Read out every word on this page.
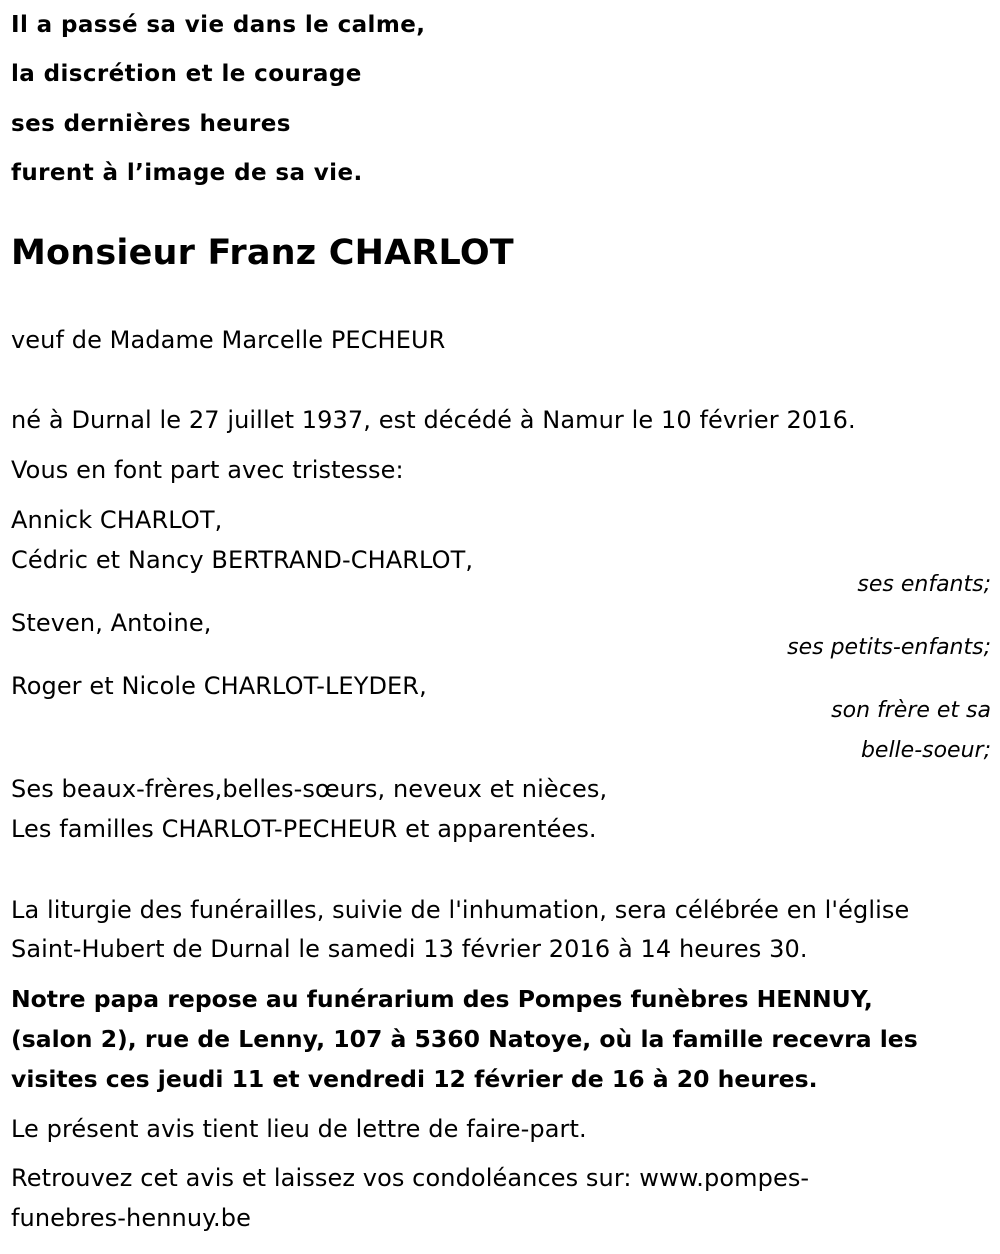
Il a passé sa vie dans le calme,
la discrétion et le courage
ses dernières heures
furent à l’image de sa vie.
Monsieur Franz CHARLOT
veuf de Madame Marcelle PECHEUR
né à Durnal le 27 juillet 1937, est décédé à Namur le 10 février 2016.
Vous en font part avec tristesse:
Annick CHARLOT,
Cédric et Nancy BERTRAND-CHARLOT,
ses enfants;
Steven, Antoine,
ses petits-enfants;
Roger et Nicole CHARLOT-LEYDER,
son frère et sa
belle-soeur;
Ses beaux-frères,belles-sœurs, neveux et nièces,
Les familles CHARLOT-PECHEUR et apparentées.
La liturgie des funérailles, suivie de l'inhumation, sera célébrée en l'église
Saint-Hubert de Durnal le samedi 13 février 2016 à 14 heures 30.
Notre papa repose au funérarium des Pompes funèbres HENNUY,
(salon 2), rue de Lenny, 107 à 5360 Natoye, où la famille recevra les
visites ces jeudi 11 et vendredi 12 février de 16 à 20 heures.
Le présent avis tient lieu de lettre de faire-part.
Retrouvez cet avis et laissez vos condoléances sur: www.pompes-
funebres-hennuy.be
